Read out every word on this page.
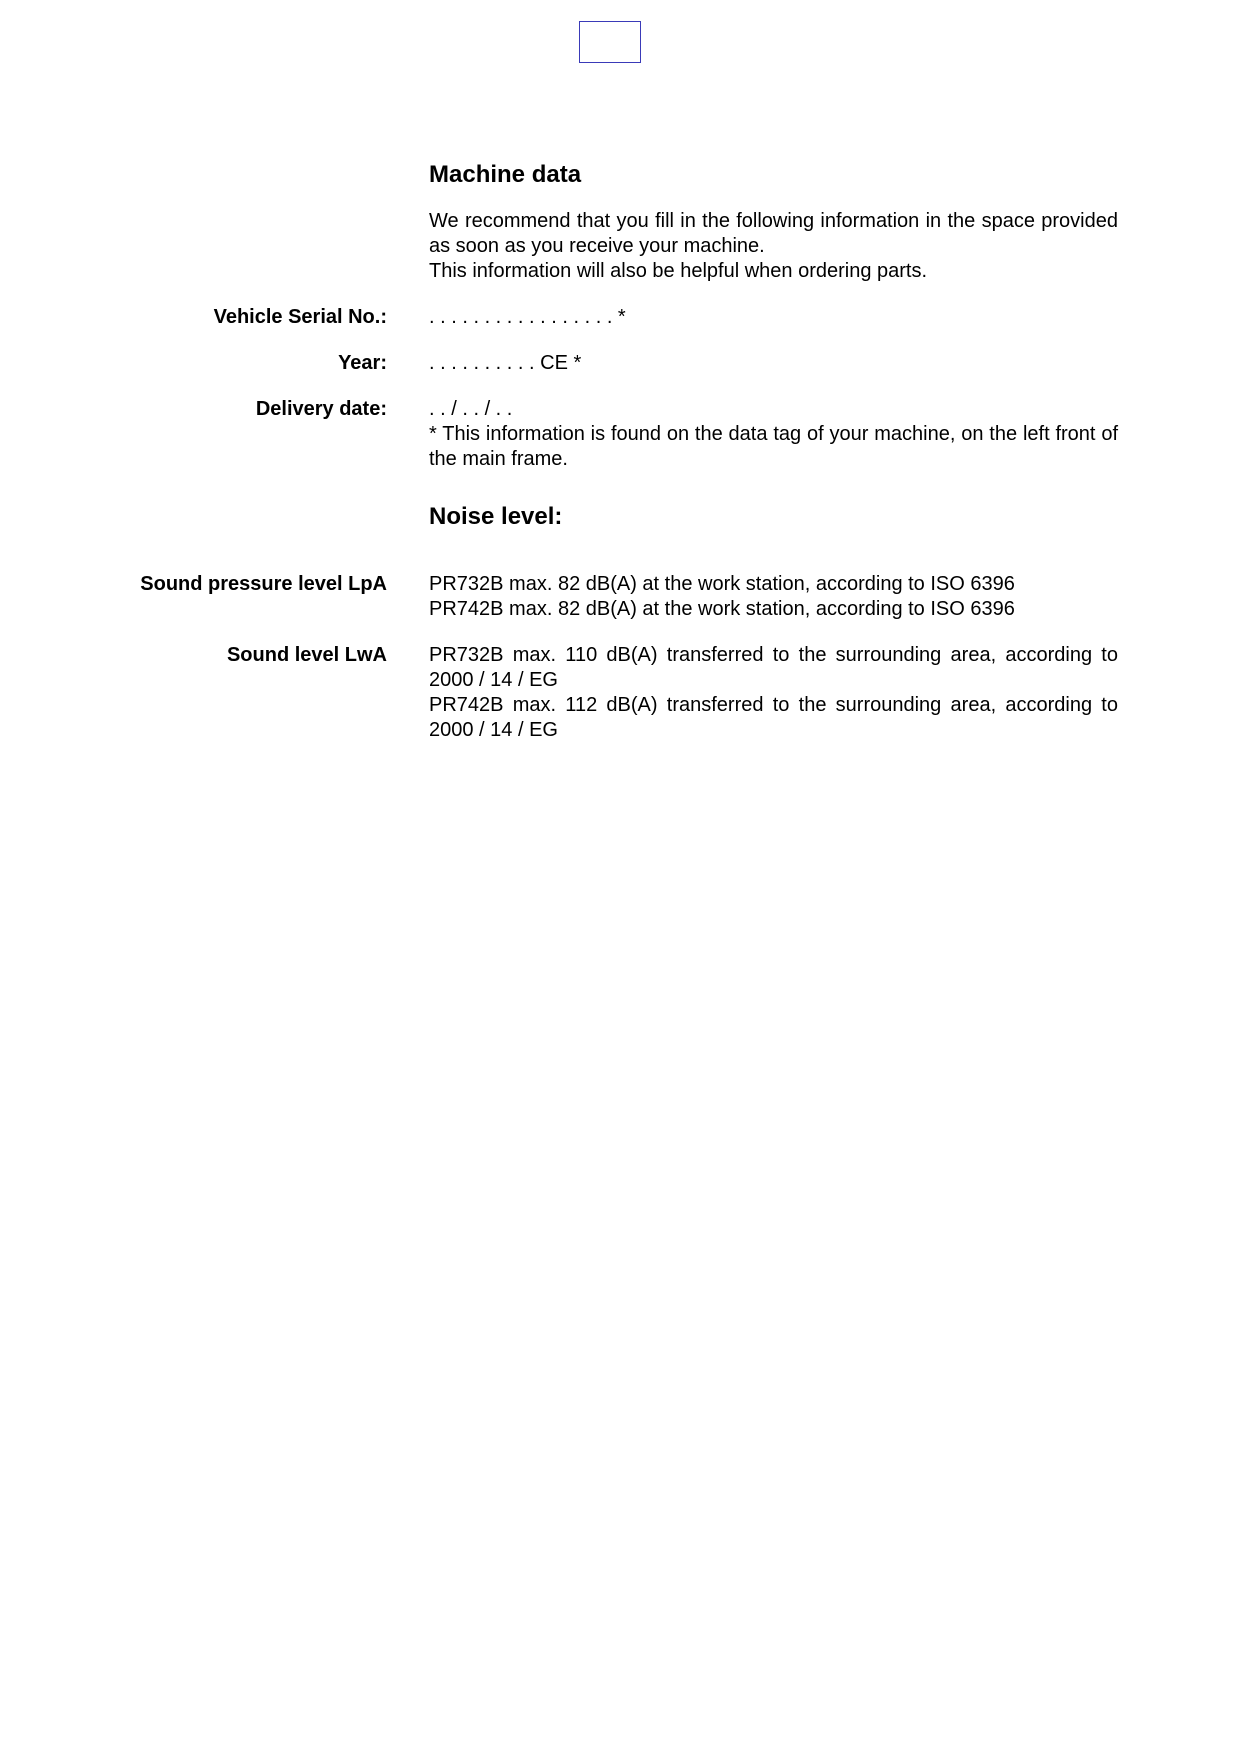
Machine data

We recommend that you fill in the following information in the space provided as soon as you receive your machine.

This information will also be helpful when ordering parts.

Vehicle Serial No.: . . . . . . . . . . . . . . . . . *

Year: . . . . . . . . . . CE *

Delivery date: . . / . . / . .

* This information is found on the data tag of your machine, on the left front of the main frame.

Noise level:
Sound pressure level LpA PR732B max. 82 dB(A) at the work station, according to ISO 6396

PR742B max. 82 dB(A) at the work station, according to ISO 6396

Sound level LwA PR732B max. 110 dB(A) transferred to the surrounding area, according to 2000 / 14 / EG

PR742B max. 112 dB(A) transferred to the surrounding area, according to 2000 / 14 / EG
